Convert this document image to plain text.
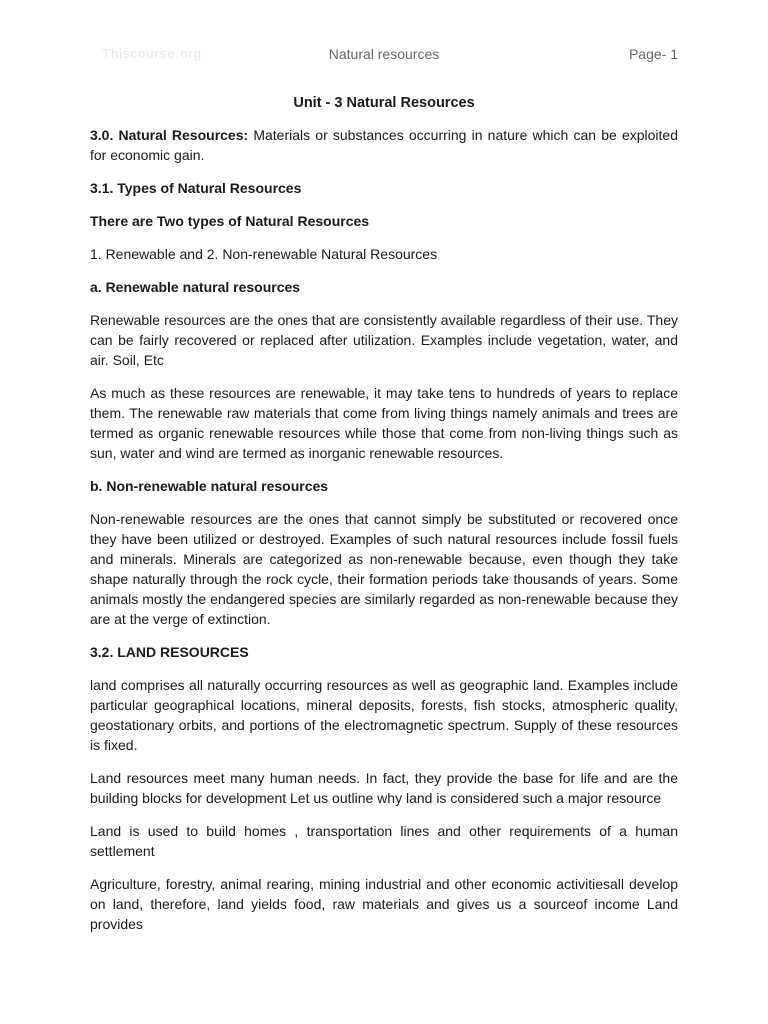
Thiscourse.org	Natural resources	Page- 1
Unit - 3 Natural Resources

3.0. Natural Resources: Materials or substances occurring in nature which can be exploited for economic gain.

3.1. Types of Natural Resources
There are Two types of Natural Resources

1. Renewable and 2. Non-renewable Natural Resources

a. Renewable natural resources

Renewable resources are the ones that are consistently available regardless of their use. They can be fairly recovered or replaced after utilization. Examples include vegetation, water, and air. Soil, Etc

As much as these resources are renewable, it may take tens to hundreds of years to replace them. The renewable raw materials that come from living things namely animals and trees are termed as organic renewable resources while those that come from non-living things such as sun, water and wind are termed as inorganic renewable resources.

b. Non-renewable natural resources

Non-renewable resources are the ones that cannot simply be substituted or recovered once they have been utilized or destroyed. Examples of such natural resources include fossil fuels and minerals. Minerals are categorized as non-renewable because, even though they take shape naturally through the rock cycle, their formation periods take thousands of years. Some animals mostly the endangered species are similarly regarded as non-renewable because they are at the verge of extinction.

3.2. LAND RESOURCES

land comprises all naturally occurring resources as well as geographic land. Examples include particular geographical locations, mineral deposits, forests, fish stocks, atmospheric quality, geostationary orbits, and portions of the electromagnetic spectrum. Supply of these resources is fixed.

Land resources meet many human needs. In fact, they provide the base for life and are the building blocks for development Let us outline why land is considered such a major resource

Land is used to build homes , transportation lines and other requirements of a human settlement

Agriculture, forestry, animal rearing, mining industrial and other economic activitiesall develop on land, therefore, land yields food, raw materials and gives us a sourceof income Land provides
